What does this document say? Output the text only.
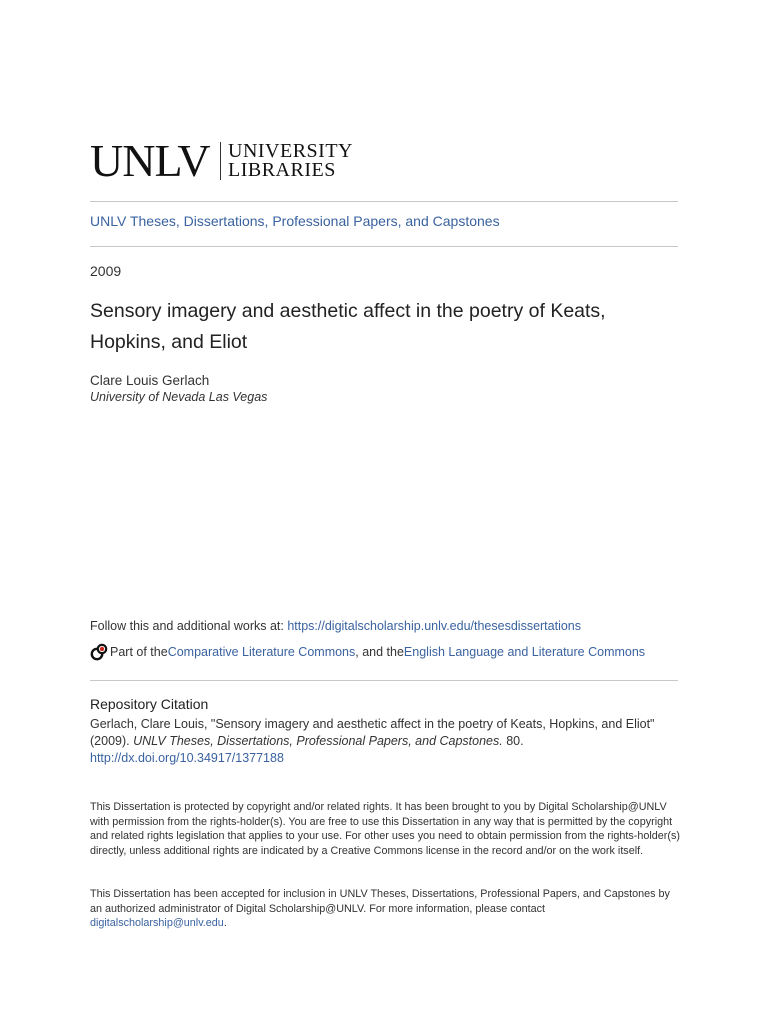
UNLV UNIVERSITY
LIBRARIES
UNLV Theses, Dissertations, Professional Papers, and Capstones
2009
Sensory imagery and aesthetic affect in the poetry of Keats, Hopkins, and Eliot
Clare Louis Gerlach
University of Nevada Las Vegas
Follow this and additional works at: https://digitalscholarship.unlv.edu/thesesdissertations
Part of the Comparative Literature Commons , and the English Language and Literature Commons
Repository Citation
Gerlach, Clare Louis, "Sensory imagery and aesthetic affect in the poetry of Keats, Hopkins, and Eliot"
(2009). UNLV Theses, Dissertations, Professional Papers, and Capstones. 80.
http://dx.doi.org/10.34917/1377188
This Dissertation is protected by copyright and/or related rights. It has been brought to you by Digital Scholarship@UNLV with permission from the rights-holder(s). You are free to use this Dissertation in any way that is permitted by the copyright and related rights legislation that applies to your use. For other uses you need to obtain permission from the rights-holder(s) directly, unless additional rights are indicated by a Creative Commons license in the record and/or on the work itself.
This Dissertation has been accepted for inclusion in UNLV Theses, Dissertations, Professional Papers, and Capstones by an authorized administrator of Digital Scholarship@UNLV. For more information, please contact digitalscholarship@unlv.edu.
